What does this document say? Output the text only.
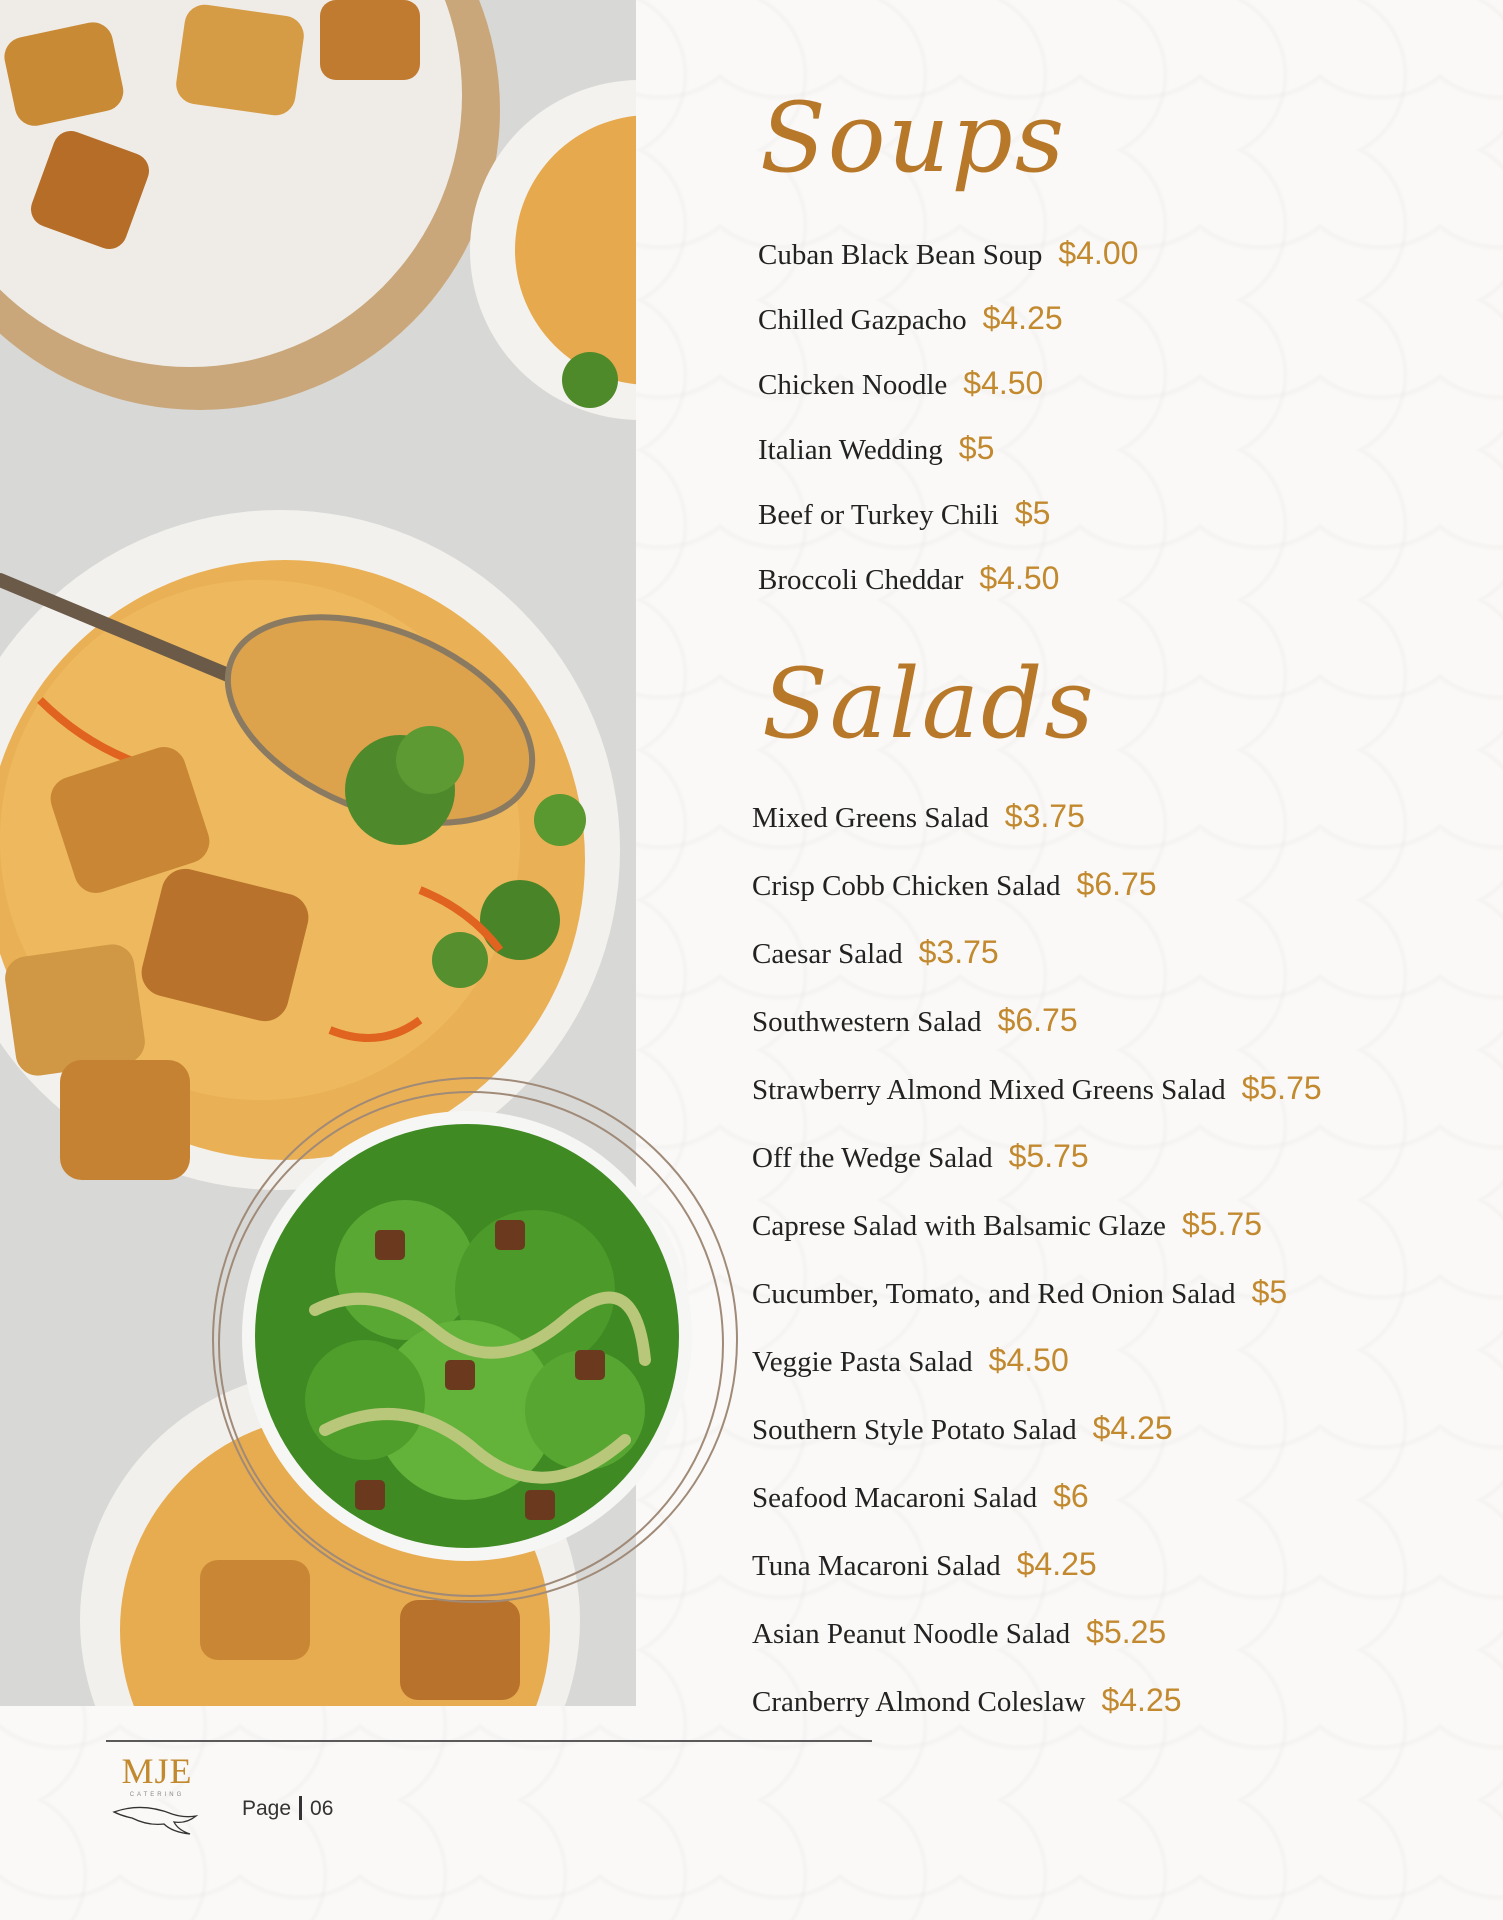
Soups
Cuban Black Bean Soup $4.00
Chilled Gazpacho $4.25
Chicken Noodle $4.50
Italian Wedding $5
Beef or Turkey Chili $5
Broccoli Cheddar $4.50
Salads
Mixed Greens Salad $3.75
Crisp Cobb Chicken Salad $6.75
Caesar Salad $3.75
Southwestern Salad $6.75
Strawberry Almond Mixed Greens Salad $5.75
Off the Wedge Salad $5.75
Caprese Salad with Balsamic Glaze $5.75
Cucumber, Tomato, and Red Onion Salad $5
Veggie Pasta Salad $4.50
Southern Style Potato Salad $4.25
Seafood Macaroni Salad $6
Tuna Macaroni Salad $4.25
Asian Peanut Noodle Salad $5.25
Cranberry Almond Coleslaw $4.25
MJE
CATERING
Page 06
